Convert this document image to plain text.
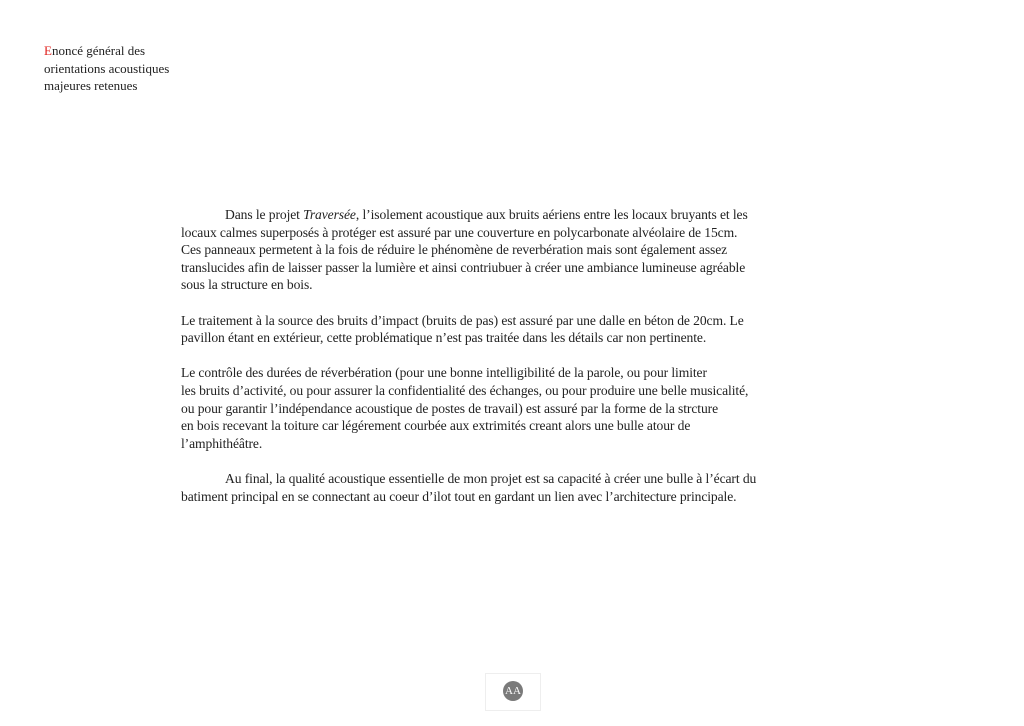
Enoncé général des
orientations acoustiques
majeures retenues
Dans le projet Traversée, l’isolement acoustique aux bruits aériens entre les locaux bruyants et les
locaux calmes superposés à protéger est assuré par une couverture en polycarbonate alvéolaire de 15cm.
Ces panneaux permetent à la fois de réduire le phénomène de reverbération mais sont également assez
translucides afin de laisser passer la lumière et ainsi contriubuer à créer une ambiance lumineuse agréable
sous la structure en bois.
Le traitement à la source des bruits d’impact (bruits de pas) est assuré par une dalle en béton de 20cm. Le
pavillon étant en extérieur, cette problématique n’est pas traitée dans les détails car non pertinente.
Le contrôle des durées de réverbération (pour une bonne intelligibilité de la parole, ou pour limiter
les bruits d’activité, ou pour assurer la confidentialité des échanges, ou pour produire une belle musicalité,
ou pour garantir l’indépendance acoustique de postes de travail) est assuré par la forme de la strcture
en bois recevant la toiture car légérement courbée aux extrimités creant alors une bulle atour de
l’amphithéâtre.
Au final, la qualité acoustique essentielle de mon projet est sa capacité à créer une bulle à l’écart du
batiment principal en se connectant au coeur d’ilot tout en gardant un lien avec l’architecture principale.
AA
